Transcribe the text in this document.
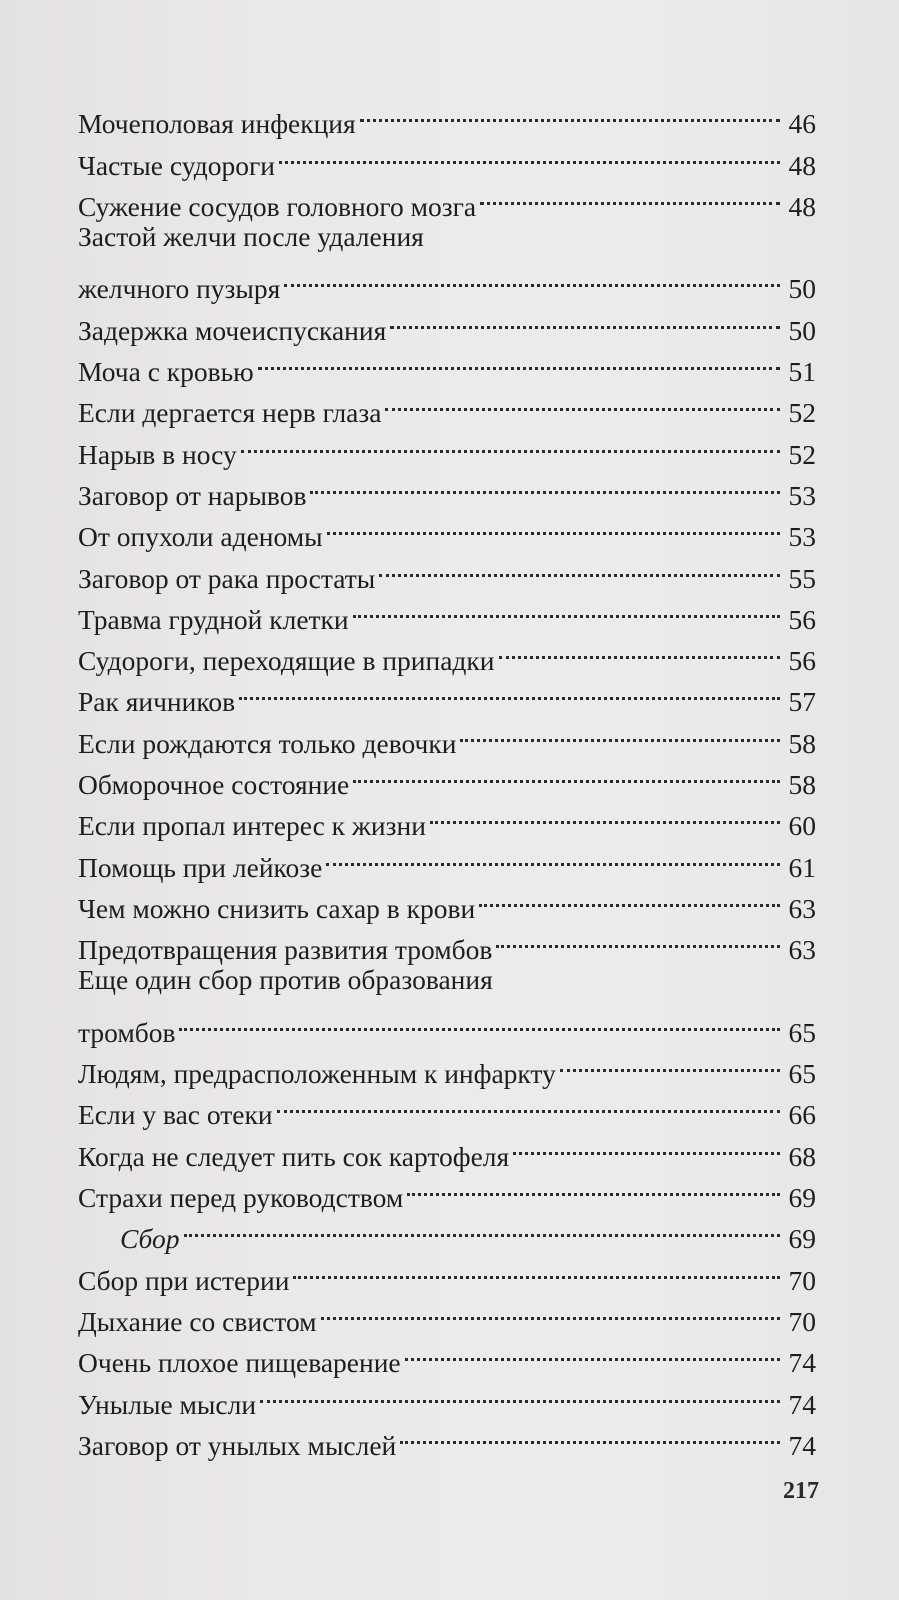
Мочеполовая инфекция	46
Частые судороги	48
Сужение сосудов головного мозга	48
Застой желчи после удаления
желчного пузыря	50
Задержка мочеиспускания	50
Моча с кровью	51
Если дергается нерв глаза	52
Нарыв в носу	52
Заговор от нарывов	53
От опухоли аденомы	53
Заговор от рака простаты	55
Травма грудной клетки	56
Судороги, переходящие в припадки	56
Рак яичников	57
Если рождаются только девочки	58
Обморочное состояние	58
Если пропал интерес к жизни	60
Помощь при лейкозе	61
Чем можно снизить сахар в крови	63
Предотвращения развития тромбов	63
Еще один сбор против образования
тромбов	65
Людям, предрасположенным к инфаркту	65
Если у вас отеки	66
Когда не следует пить сок картофеля	68
Страхи перед руководством	69
Сбор	69
Сбор при истерии	70
Дыхание со свистом	70
Очень плохое пищеварение	74
Унылые мысли	74
Заговор от унылых мыслей	74
217
